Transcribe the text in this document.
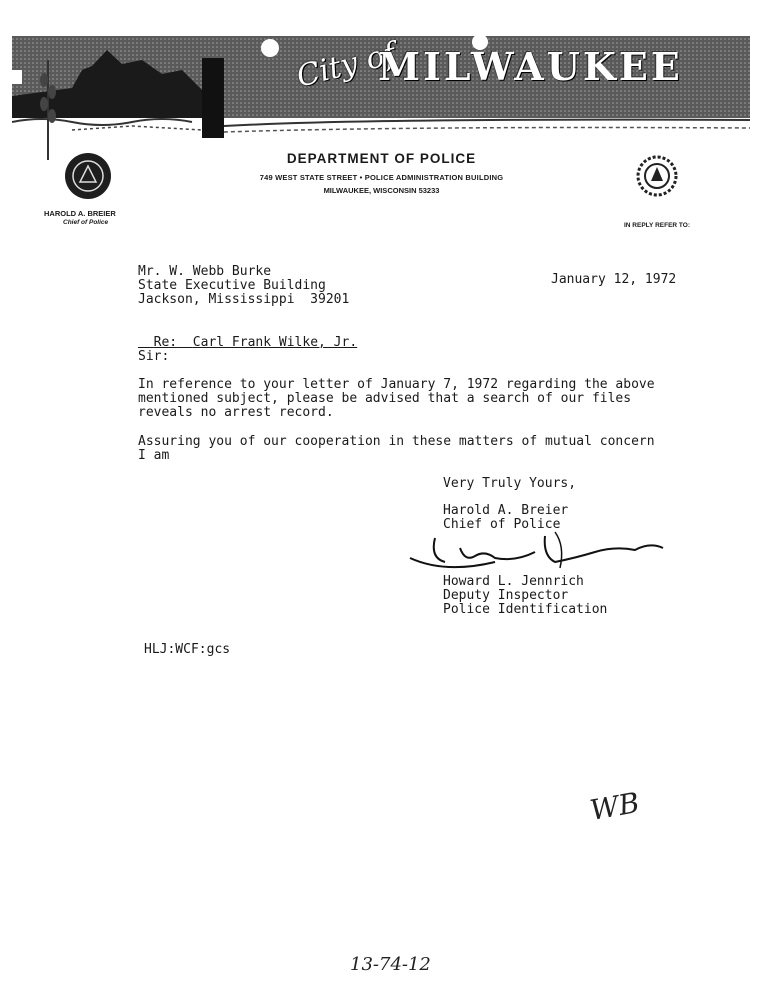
City of
MILWAUKEE
DEPARTMENT OF POLICE
749 WEST STATE STREET • POLICE ADMINISTRATION BUILDING
MILWAUKEE, WISCONSIN 53233
HAROLD A. BREIER
Chief of Police	IN REPLY REFER TO:
Mr. W. Webb Burke
State Executive Building
Jackson, Mississippi  39201
January 12, 1972

Re: Carl Frank Wilke, Jr.

Sir:
In reference to your letter of January 7, 1972 regarding the above
mentioned subject, please be advised that a search of our files
reveals no arrest record.
Assuring you of our cooperation in these matters of mutual concern
I am
Very Truly Yours,
Harold A. Breier
Chief of Police
Howard L. Jennrich
Deputy Inspector
Police Identification
HLJ:WCF:gcs
WB
13-74-12
